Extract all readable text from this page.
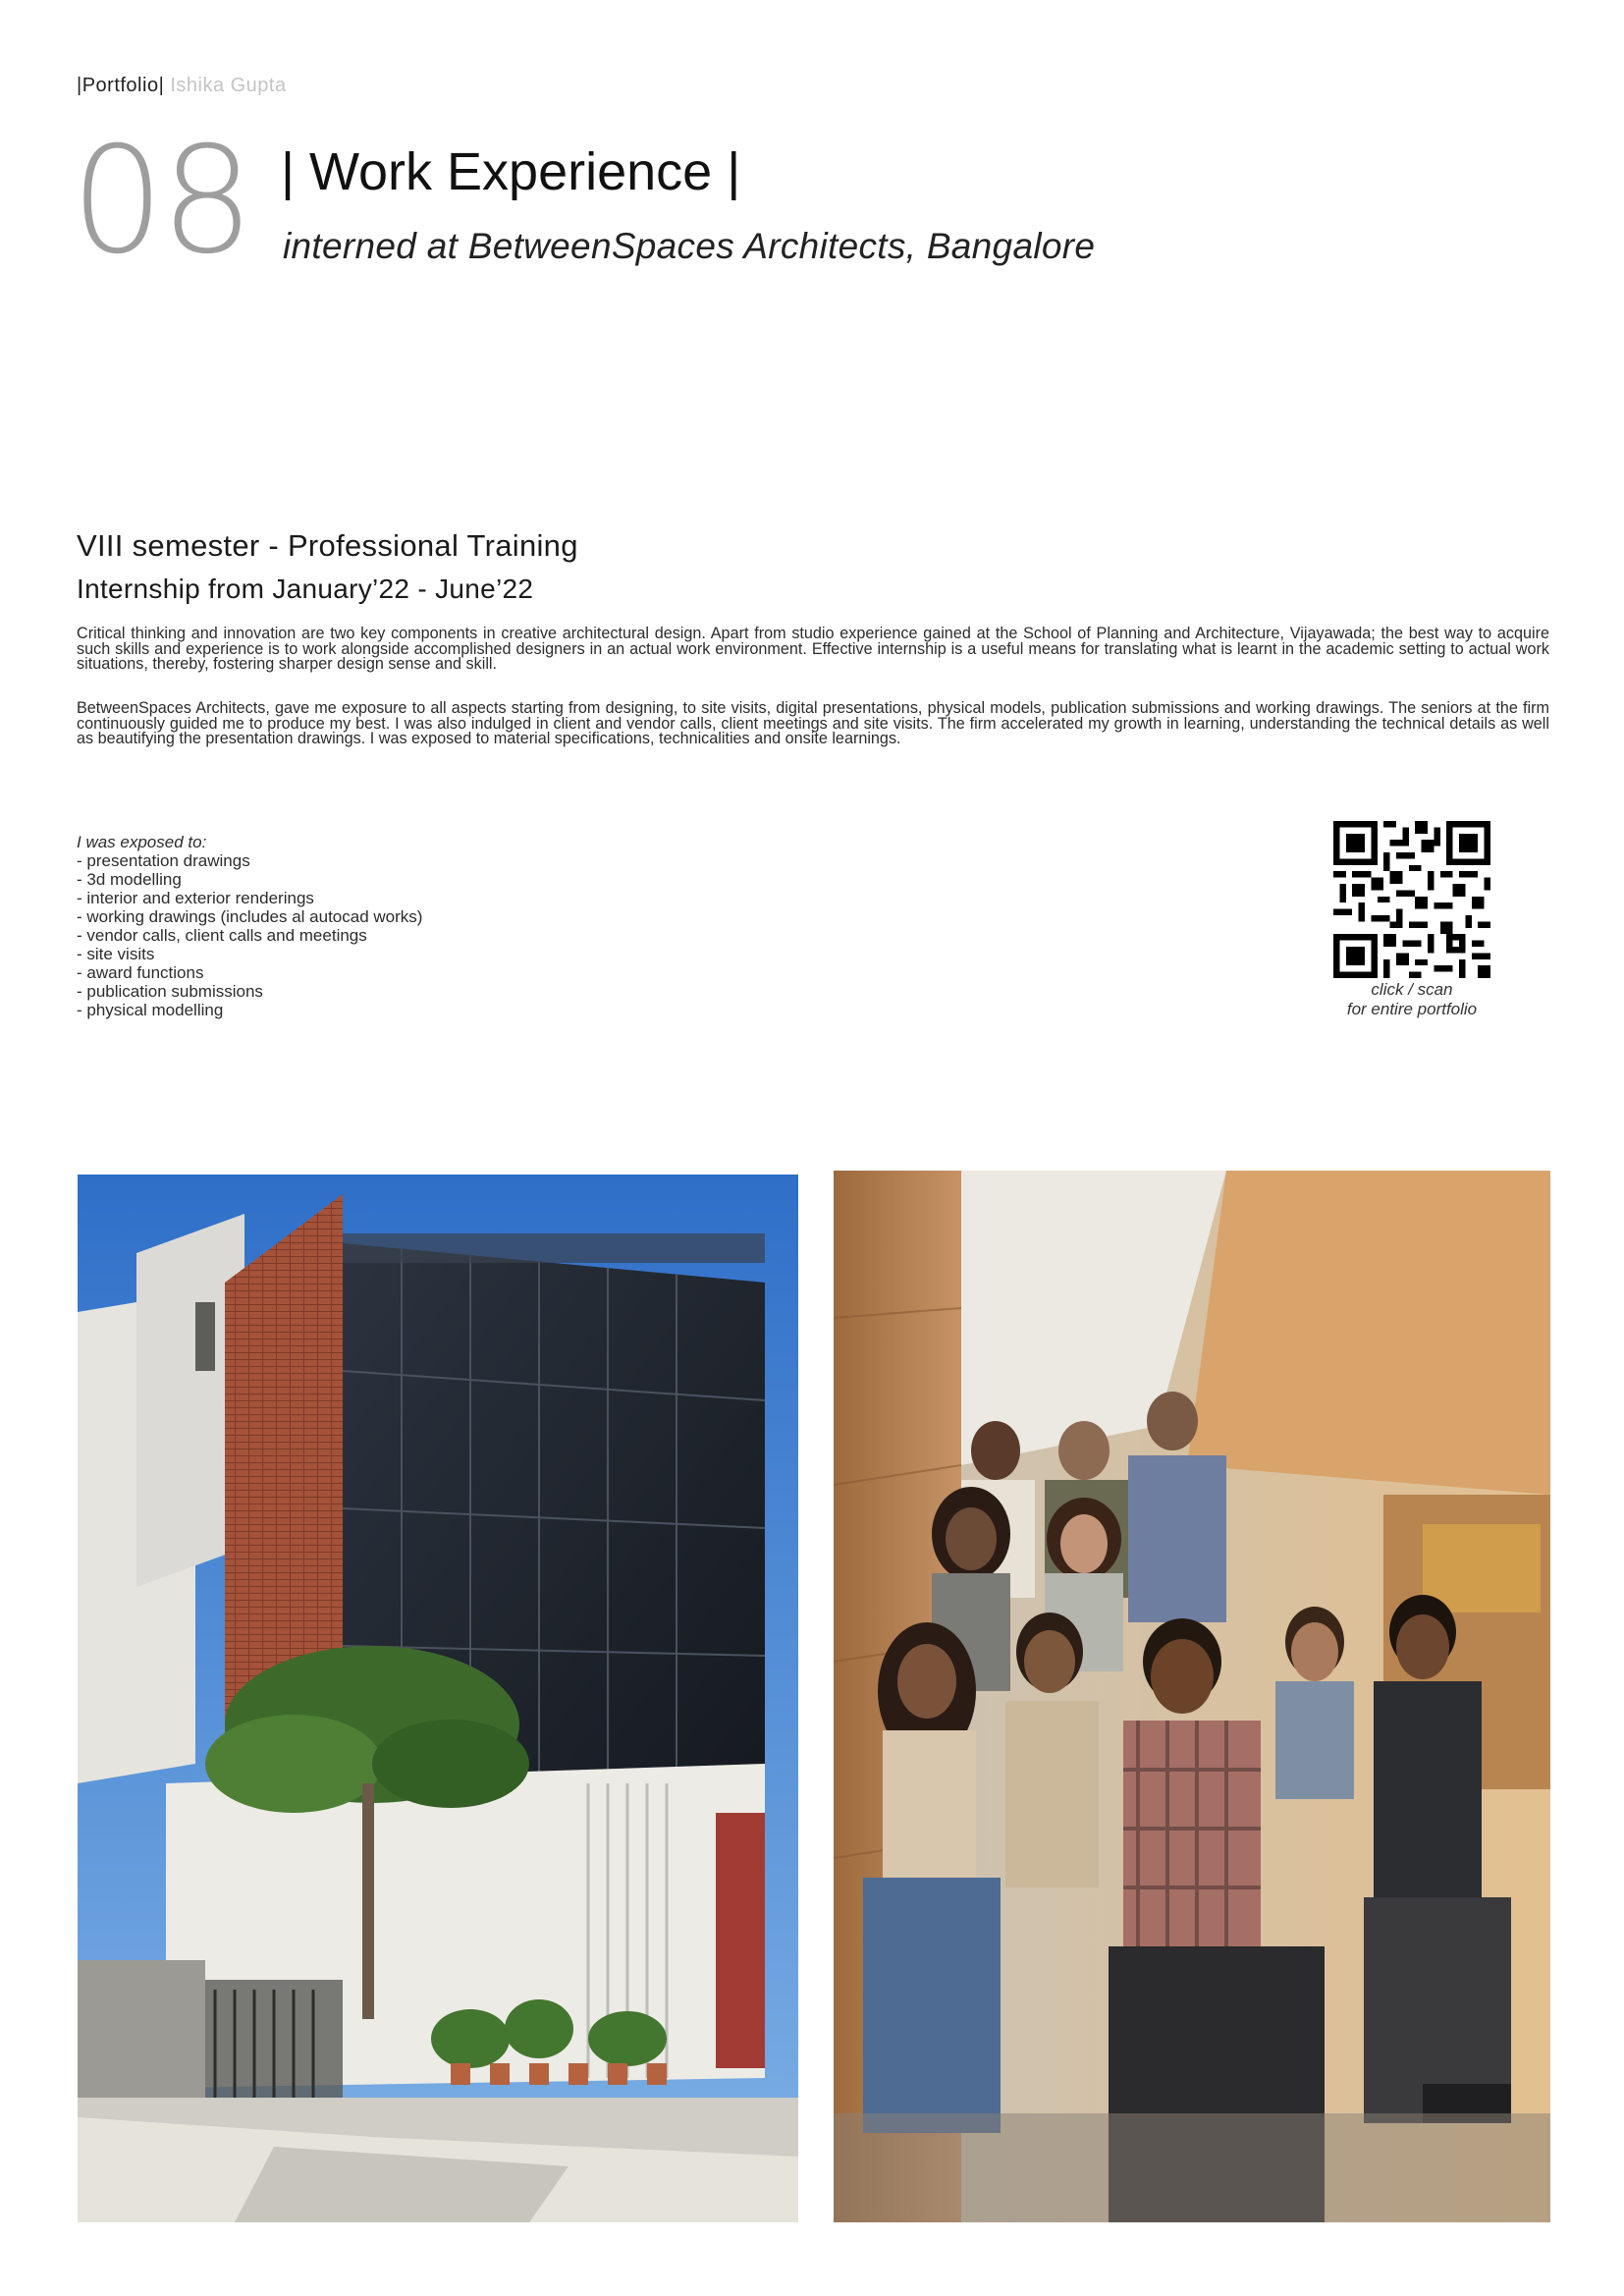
|Portfolio| Ishika Gupta
08 | Work Experience |
interned at BetweenSpaces Architects, Bangalore
VIII semester - Professional Training
Internship from January’22 - June’22

Critical thinking and innovation are two key components in creative architectural design. Apart from studio experience gained at the School of Planning and Architecture, Vijayawada; the best way to acquire such skills and experience is to work alongside accomplished designers in an actual work environment. Effective internship is a useful means for translating what is learnt in the academic setting to actual work situations, thereby, fostering sharper design sense and skill.

BetweenSpaces Architects, gave me exposure to all aspects starting from designing, to site visits, digital presentations, physical models, publication submissions and working drawings. The seniors at the firm continuously guided me to produce my best. I was also indulged in client and vendor calls, client meetings and site visits. The firm accelerated my growth in learning, understanding the technical details as well as beautifying the presentation drawings. I was exposed to material specifications, technicalities and onsite learnings.

I was exposed to:
- presentation drawings
- 3d modelling
- interior and exterior renderings
- working drawings (includes al autocad works)
- vendor calls, client calls and meetings
- site visits
- award functions
- publication submissions
- physical modelling
click / scan
for entire portfolio
